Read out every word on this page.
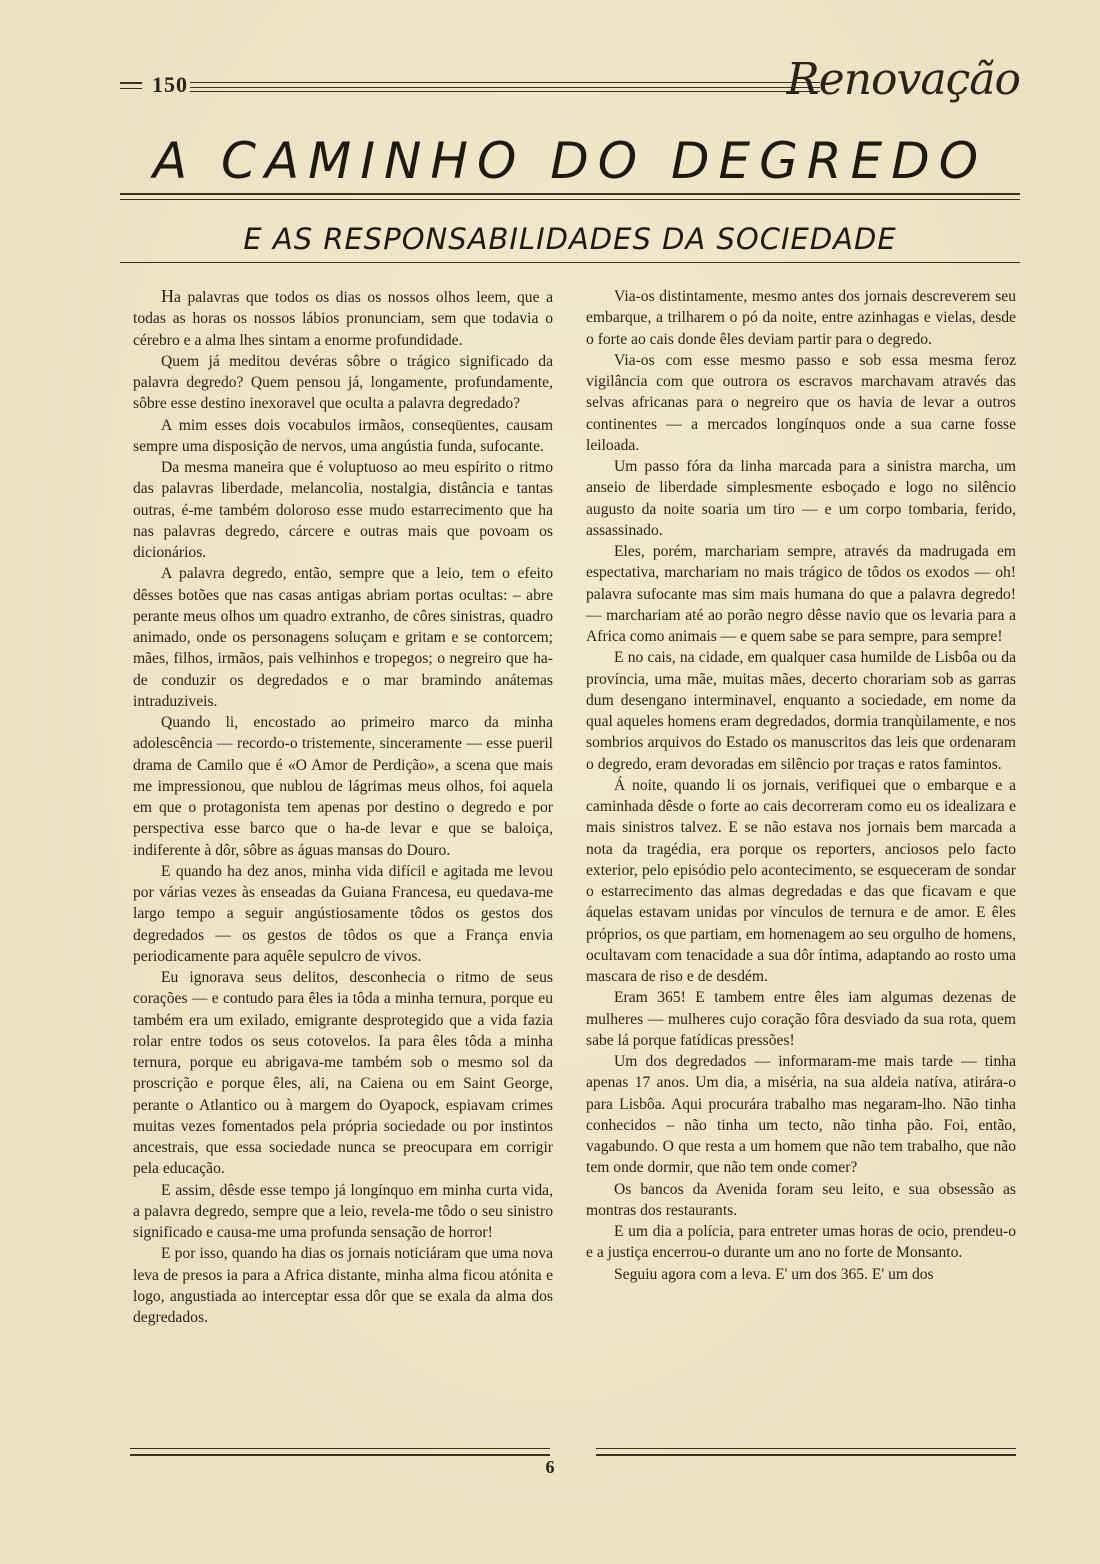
150	Renovação
A CAMINHO DO DEGREDO
E AS RESPONSABILIDADES DA SOCIEDADE

Ha palavras que todos os dias os nossos olhos leem, que a todas as horas os nossos lábios pronunciam, sem que todavia o cérebro e a alma lhes sintam a enorme profundidade.

Quem já meditou devéras sôbre o trágico significado da palavra degredo? Quem pensou já, longamente, profundamente, sôbre esse destino inexoravel que oculta a palavra degredado?

A mim esses dois vocabulos irmãos, conseqüentes, causam sempre uma disposição de nervos, uma angústia funda, sufocante.

Da mesma maneira que é voluptuoso ao meu espírito o ritmo das palavras liberdade, melancolia, nostalgia, distância e tantas outras, é-me também doloroso esse mudo estarrecimento que ha nas palavras degredo, cárcere e outras mais que povoam os dicionários.

A palavra degredo, então, sempre que a leio, tem o efeito dêsses botões que nas casas antigas abriam portas ocultas: – abre perante meus olhos um quadro extranho, de côres sinistras, quadro animado, onde os personagens soluçam e gritam e se contorcem; mães, filhos, irmãos, pais velhinhos e tropegos; o negreiro que ha-de conduzir os degredados e o mar bramindo anátemas intraduziveis.

Quando li, encostado ao primeiro marco da minha adolescência — recordo-o tristemente, sinceramente — esse pueril drama de Camilo que é «O Amor de Perdição», a scena que mais me impressionou, que nublou de lágrimas meus olhos, foi aquela em que o protagonista tem apenas por destino o degredo e por perspectiva esse barco que o ha-de levar e que se baloiça, indiferente à dôr, sôbre as águas mansas do Douro.

E quando ha dez anos, minha vida difícil e agitada me levou por várias vezes às enseadas da Guiana Francesa, eu quedava-me largo tempo a seguir angústiosamente tôdos os gestos dos degredados — os gestos de tôdos os que a França envia periodicamente para aquêle sepulcro de vivos.

Eu ignorava seus delitos, desconhecia o ritmo de seus corações — e contudo para êles ia tôda a minha ternura, porque eu também era um exilado, emigrante desprotegido que a vida fazia rolar entre todos os seus cotovelos. Ia para êles tôda a minha ternura, porque eu abrigava-me também sob o mesmo sol da proscrição e porque êles, ali, na Caiena ou em Saint George, perante o Atlantico ou à margem do Oyapock, espiavam crimes muitas vezes fomentados pela própria sociedade ou por instintos ancestrais, que essa sociedade nunca se preocupara em corrigir pela educação.

E assim, dêsde esse tempo já longínquo em minha curta vida, a palavra degredo, sempre que a leio, revela-me tôdo o seu sinistro significado e causa-me uma profunda sensação de horror!

E por isso, quando ha dias os jornais noticiáram que uma nova leva de presos ia para a Africa distante, minha alma ficou atónita e logo, angustiada ao interceptar essa dôr que se exala da alma dos degredados.

Via-os distintamente, mesmo antes dos jornais descreverem seu embarque, a trilharem o pó da noite, entre azinhagas e vielas, desde o forte ao cais donde êles deviam partir para o degredo.

Via-os com esse mesmo passo e sob essa mesma feroz vigilância com que outrora os escravos marchavam através das selvas africanas para o negreiro que os havia de levar a outros continentes — a mercados longínquos onde a sua carne fosse leiloada.

Um passo fóra da linha marcada para a sinistra marcha, um anseio de liberdade simplesmente esboçado e logo no silêncio augusto da noite soaria um tiro — e um corpo tombaria, ferido, assassinado.

Eles, porém, marchariam sempre, através da madrugada em espectativa, marchariam no mais trágico de tôdos os exodos — oh! palavra sufocante mas sim mais humana do que a palavra degredo! — marchariam até ao porão negro dêsse navio que os levaria para a Africa como animais — e quem sabe se para sempre, para sempre!

E no cais, na cidade, em qualquer casa humilde de Lisbôa ou da província, uma mãe, muitas mães, decerto chorariam sob as garras dum desengano interminavel, enquanto a sociedade, em nome da qual aqueles homens eram degredados, dormia tranqùilamente, e nos sombrios arquivos do Estado os manuscritos das leis que ordenaram o degredo, eram devoradas em silêncio por traças e ratos famintos.

Á noite, quando li os jornais, verifiquei que o embarque e a caminhada dêsde o forte ao cais decorreram como eu os idealizara e mais sinistros talvez. E se não estava nos jornais bem marcada a nota da tragédia, era porque os reporters, anciosos pelo facto exterior, pelo episódio pelo acontecimento, se esqueceram de sondar o estarrecimento das almas degredadas e das que ficavam e que áquelas estavam unidas por vínculos de ternura e de amor. E êles próprios, os que partiam, em homenagem ao seu orgulho de homens, ocultavam com tenacidade a sua dôr íntima, adaptando ao rosto uma mascara de riso e de desdém.

Eram 365! E tambem entre êles iam algumas dezenas de mulheres — mulheres cujo coração fôra desviado da sua rota, quem sabe lá porque fatídicas pressões!

Um dos degredados — informaram-me mais tarde — tinha apenas 17 anos. Um dia, a miséria, na sua aldeia natíva, atirára-o para Lisbôa. Aqui procurára trabalho mas negaram-lho. Não tinha conhecidos – não tinha um tecto, não tinha pão. Foi, então, vagabundo. O que resta a um homem que não tem trabalho, que não tem onde dormir, que não tem onde comer?

Os bancos da Avenida foram seu leito, e sua obsessão as montras dos restaurants.

E um dia a polícia, para entreter umas horas de ocio, prendeu-o e a justiça encerrou-o durante um ano no forte de Monsanto.

Seguiu agora com a leva. E' um dos 365. E' um dos

6
